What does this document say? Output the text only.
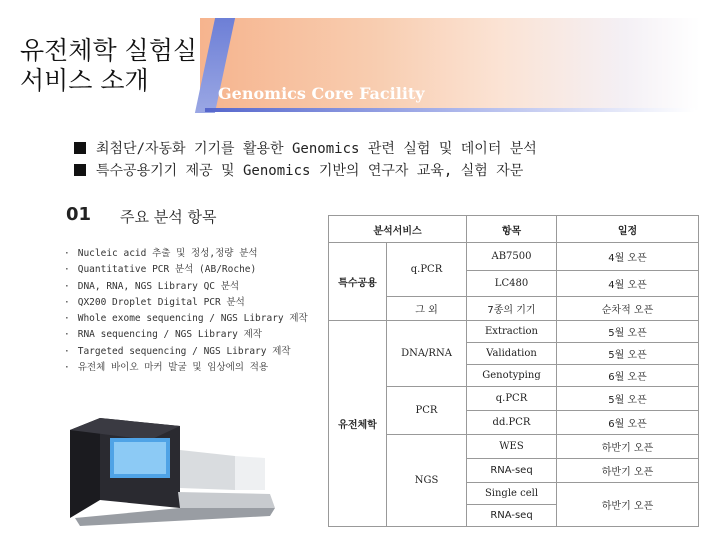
유전체학 실험실
서비스 소개	Genomics Core Facility
최첨단/자동화 기기를 활용한 Genomics 관련 실험 및 데이터 분석
특수공용기기 제공 및 Genomics 기반의 연구자 교육, 실험 자문
01 주요 분석 항목
· Nucleic acid 추출 및 정성,정량 분석
· Quantitative PCR 분석 (AB/Roche)
· DNA, RNA, NGS Library QC 분석
· QX200 Droplet Digital PCR 분석
· Whole exome sequencing / NGS Library 제작
· RNA sequencing / NGS Library 제작
· Targeted sequencing / NGS Library 제작
· 유전체 바이오 마커 발굴 및 임상에의 적용
분석서비스		항목	일정
특수공용	q.PCR	AB7500	4월 오픈
		LC480	4월 오픈
	그 외	7종의 기기	순차적 오픈
유전체학	DNA/RNA	Extraction	5월 오픈
		Validation	5월 오픈
		Genotyping	6월 오픈
	PCR	q.PCR	5월 오픈
		dd.PCR	6월 오픈
	NGS	WES	하반기 오픈
		RNA-seq	하반기 오픈
		Single cell	하반기 오픈
		RNA-seq	
